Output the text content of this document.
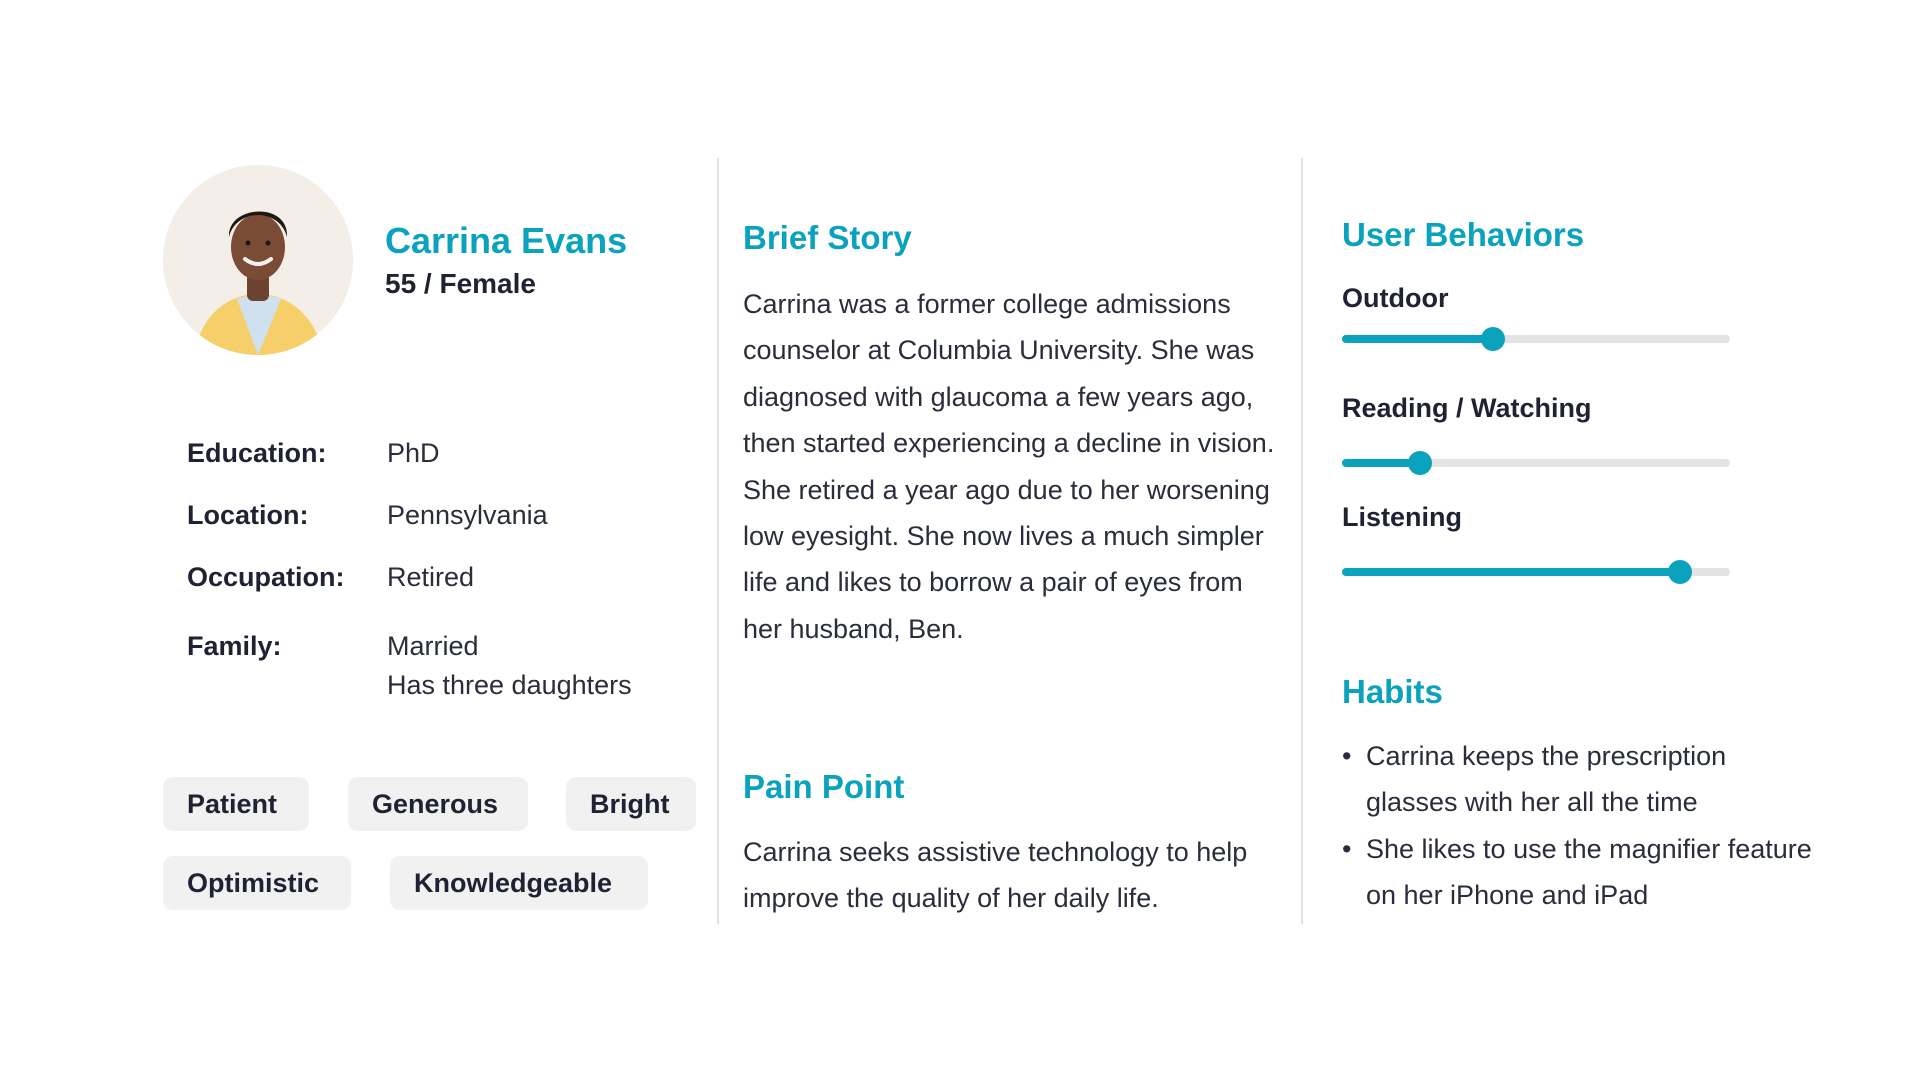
Carrina Evans
55 / Female
Education: PhD
Location:	Pennsylvania
Occupation: Retired
Family:	Married
Has three daughters
Patient	Generous	Bright
Optimistic	Knowledgeable
Brief Story

Carrina was a former college admissions counselor at Columbia University. She was diagnosed with glaucoma a few years ago, then started experiencing a decline in vision. She retired a year ago due to her worsening low eyesight. She now lives a much simpler life and likes to borrow a pair of eyes from her husband, Ben.

Pain Point

Carrina seeks assistive technology to help improve the quality of her daily life.

User Behaviors
Outdoor
Reading / Watching
Listening
Habits
• Carrina keeps the prescription glasses with her all the time
• She likes to use the magnifier feature on her iPhone and iPad
